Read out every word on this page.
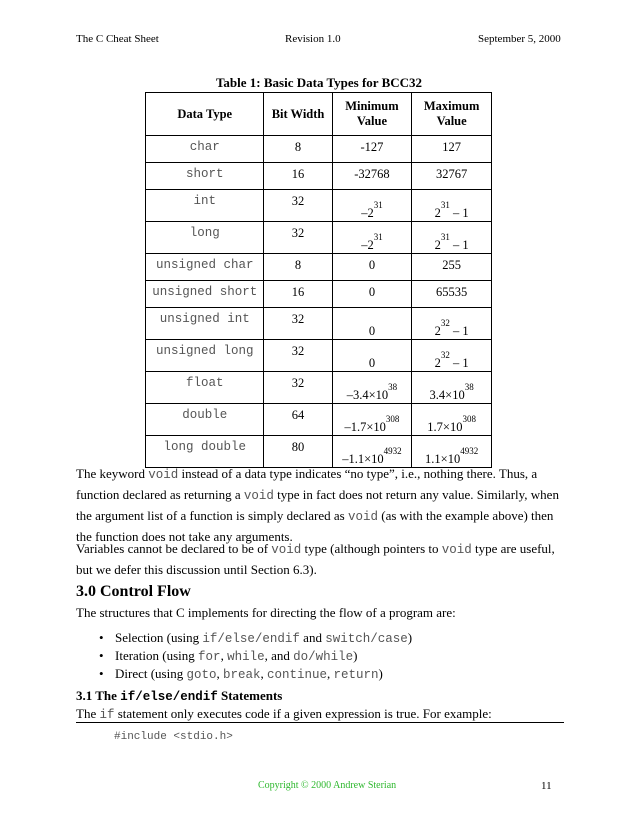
The C Cheat Sheet	Revision 1.0	September 5, 2000
Table 1: Basic Data Types for BCC32
Data Type	Bit Width	Minimum Value	Maximum Value
char	8	-127	127
short	16	-32768	32767
int	32	$-2^{31}$	$2^{31} - 1$
long	32	$-2^{31}$	$2^{31} - 1$
unsigned char	8	0	255
unsigned short	16	0	65535
unsigned int	32	0	$2^{32} - 1$
unsigned long	32	0	$2^{32} - 1$
float	32	$-3.4\times 10^{38}$	$3.4\times 10^{38}$
double	64	$-1.7\times 10^{308}$	$1.7\times 10^{308}$
long double	80	$-1.1\times 10^{4932}$	$1.1\times 10^{4932}$
The keyword void instead of a data type indicates “no type”, i.e., nothing there. Thus, a function declared as returning a void type in fact does not return any value. Similarly, when the argument list of a function is simply declared as void (as with the example above) then the function does not take any arguments.
Variables cannot be declared to be of void type (although pointers to void type are useful, but we defer this discussion until Section 6.3).
3.0 Control Flow
The structures that C implements for directing the flow of a program are:
• Selection (using if/else/endif and switch/case)
• Iteration (using for, while, and do/while)
• Direct (using goto, break, continue, return)
3.1 The if/else/endif Statements
The if statement only executes code if a given expression is true. For example:
#include <stdio.h>
Copyright © 2000 Andrew Sterian	11
